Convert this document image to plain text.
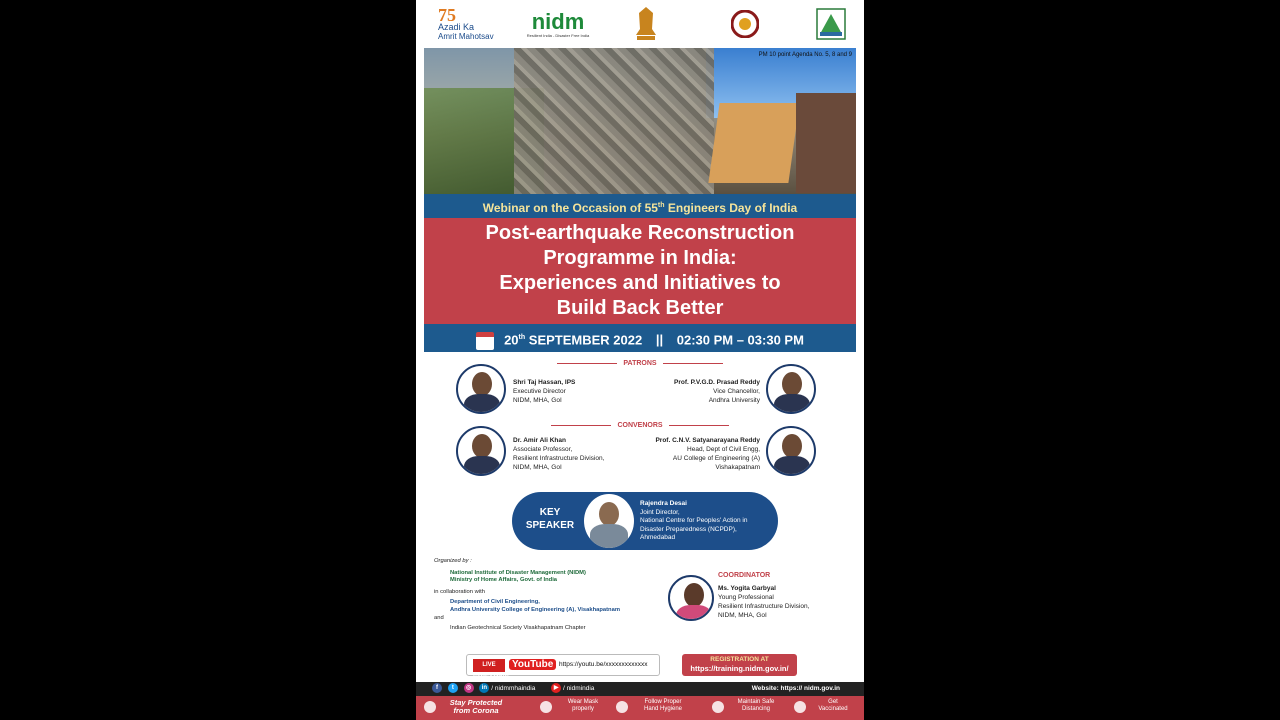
75
Azadi Ka
Amrit Mahotsav
nidm
Resilient India - Disaster Free India
PM 10 point Agenda No. 5, 8 and 9
Webinar on the Occasion of 55th Engineers Day of India
Post-earthquake Reconstruction
Programme in India:
Experiences and Initiatives to
Build Back Better
20th SEPTEMBER 2022 || 02:30 PM – 03:30 PM
PATRONS
Shri Taj Hassan, IPS
Executive Director
NIDM, MHA, GoI
Prof. P.V.G.D. Prasad Reddy
Vice Chancellor,
Andhra University
CONVENORS
Dr. Amir Ali Khan
Associate Professor,
Resilient Infrastructure Division,
NIDM, MHA, GoI
Prof. C.N.V. Satyanarayana Reddy
Head, Dept of Civil Engg,
AU College of Engineering (A)
Vishakapatnam
KEY
SPEAKER
Rajendra Desai
Joint Director,
National Centre for Peoples' Action in
Disaster Preparedness (NCPDP),
Ahmedabad
Organized by :
National Institute of Disaster Management (NIDM)
Ministry of Home Affairs, Govt. of India
in collaboration with
Department of Civil Engineering,
Andhra University College of Engineering (A), Visakhapatnam
and
Indian Geotechnical Society Visakhapatnam Chapter
COORDINATOR
Ms. Yogita Garbyal
Young Professional
Resilient Infrastructure Division,
NIDM, MHA, GoI
LIVE STREAMING
YouTube https://youtu.be/xxxxxxxxxxxxx
REGISTRATION AT
https://training.nidm.gov.in/
f t ◎ in / nidmmhaindia	▶ / nidmindia	Website: https:// nidm.gov.in
Stay Protected
from Corona
Wear Mask
properly
Follow Proper
Hand Hygiene
Maintain Safe
Distancing
Get
Vaccinated
